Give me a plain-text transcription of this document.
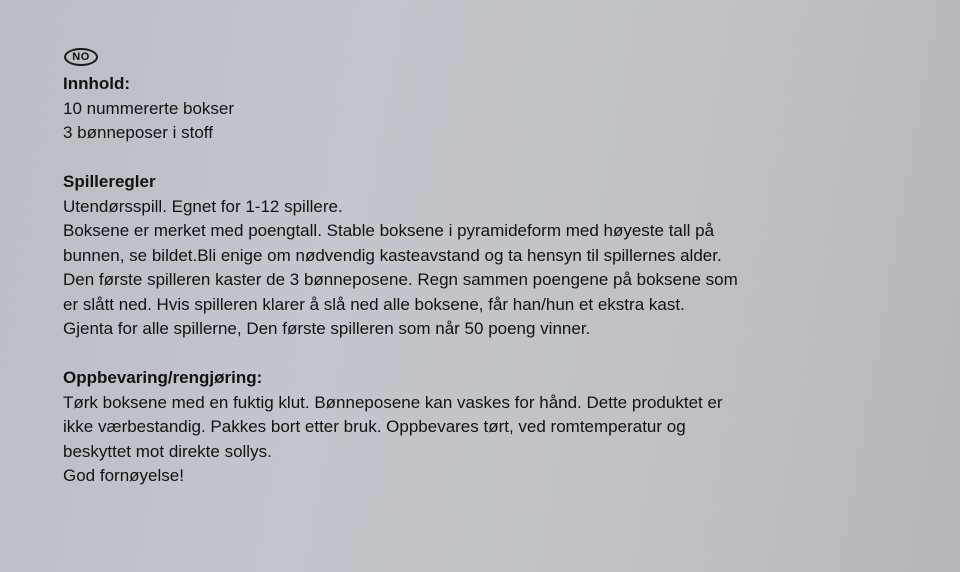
NO
Innhold:
10 nummererte bokser
3 bønneposer i stoff
Spilleregler
Utendørsspill. Egnet for 1-12 spillere.
Boksene er merket med poengtall. Stable boksene i pyramideform med høyeste tall på
bunnen, se bildet.Bli enige om nødvendig kasteavstand og ta hensyn til spillernes alder.
Den første spilleren kaster de 3 bønneposene. Regn sammen poengene på boksene som
er slått ned. Hvis spilleren klarer å slå ned alle boksene, får han/hun et ekstra kast.
Gjenta for alle spillerne, Den første spilleren som når 50 poeng vinner.
Oppbevaring/rengjøring:
Tørk boksene med en fuktig klut. Bønneposene kan vaskes for hånd. Dette produktet er
ikke værbestandig. Pakkes bort etter bruk. Oppbevares tørt, ved romtemperatur og
beskyttet mot direkte sollys.
God fornøyelse!
